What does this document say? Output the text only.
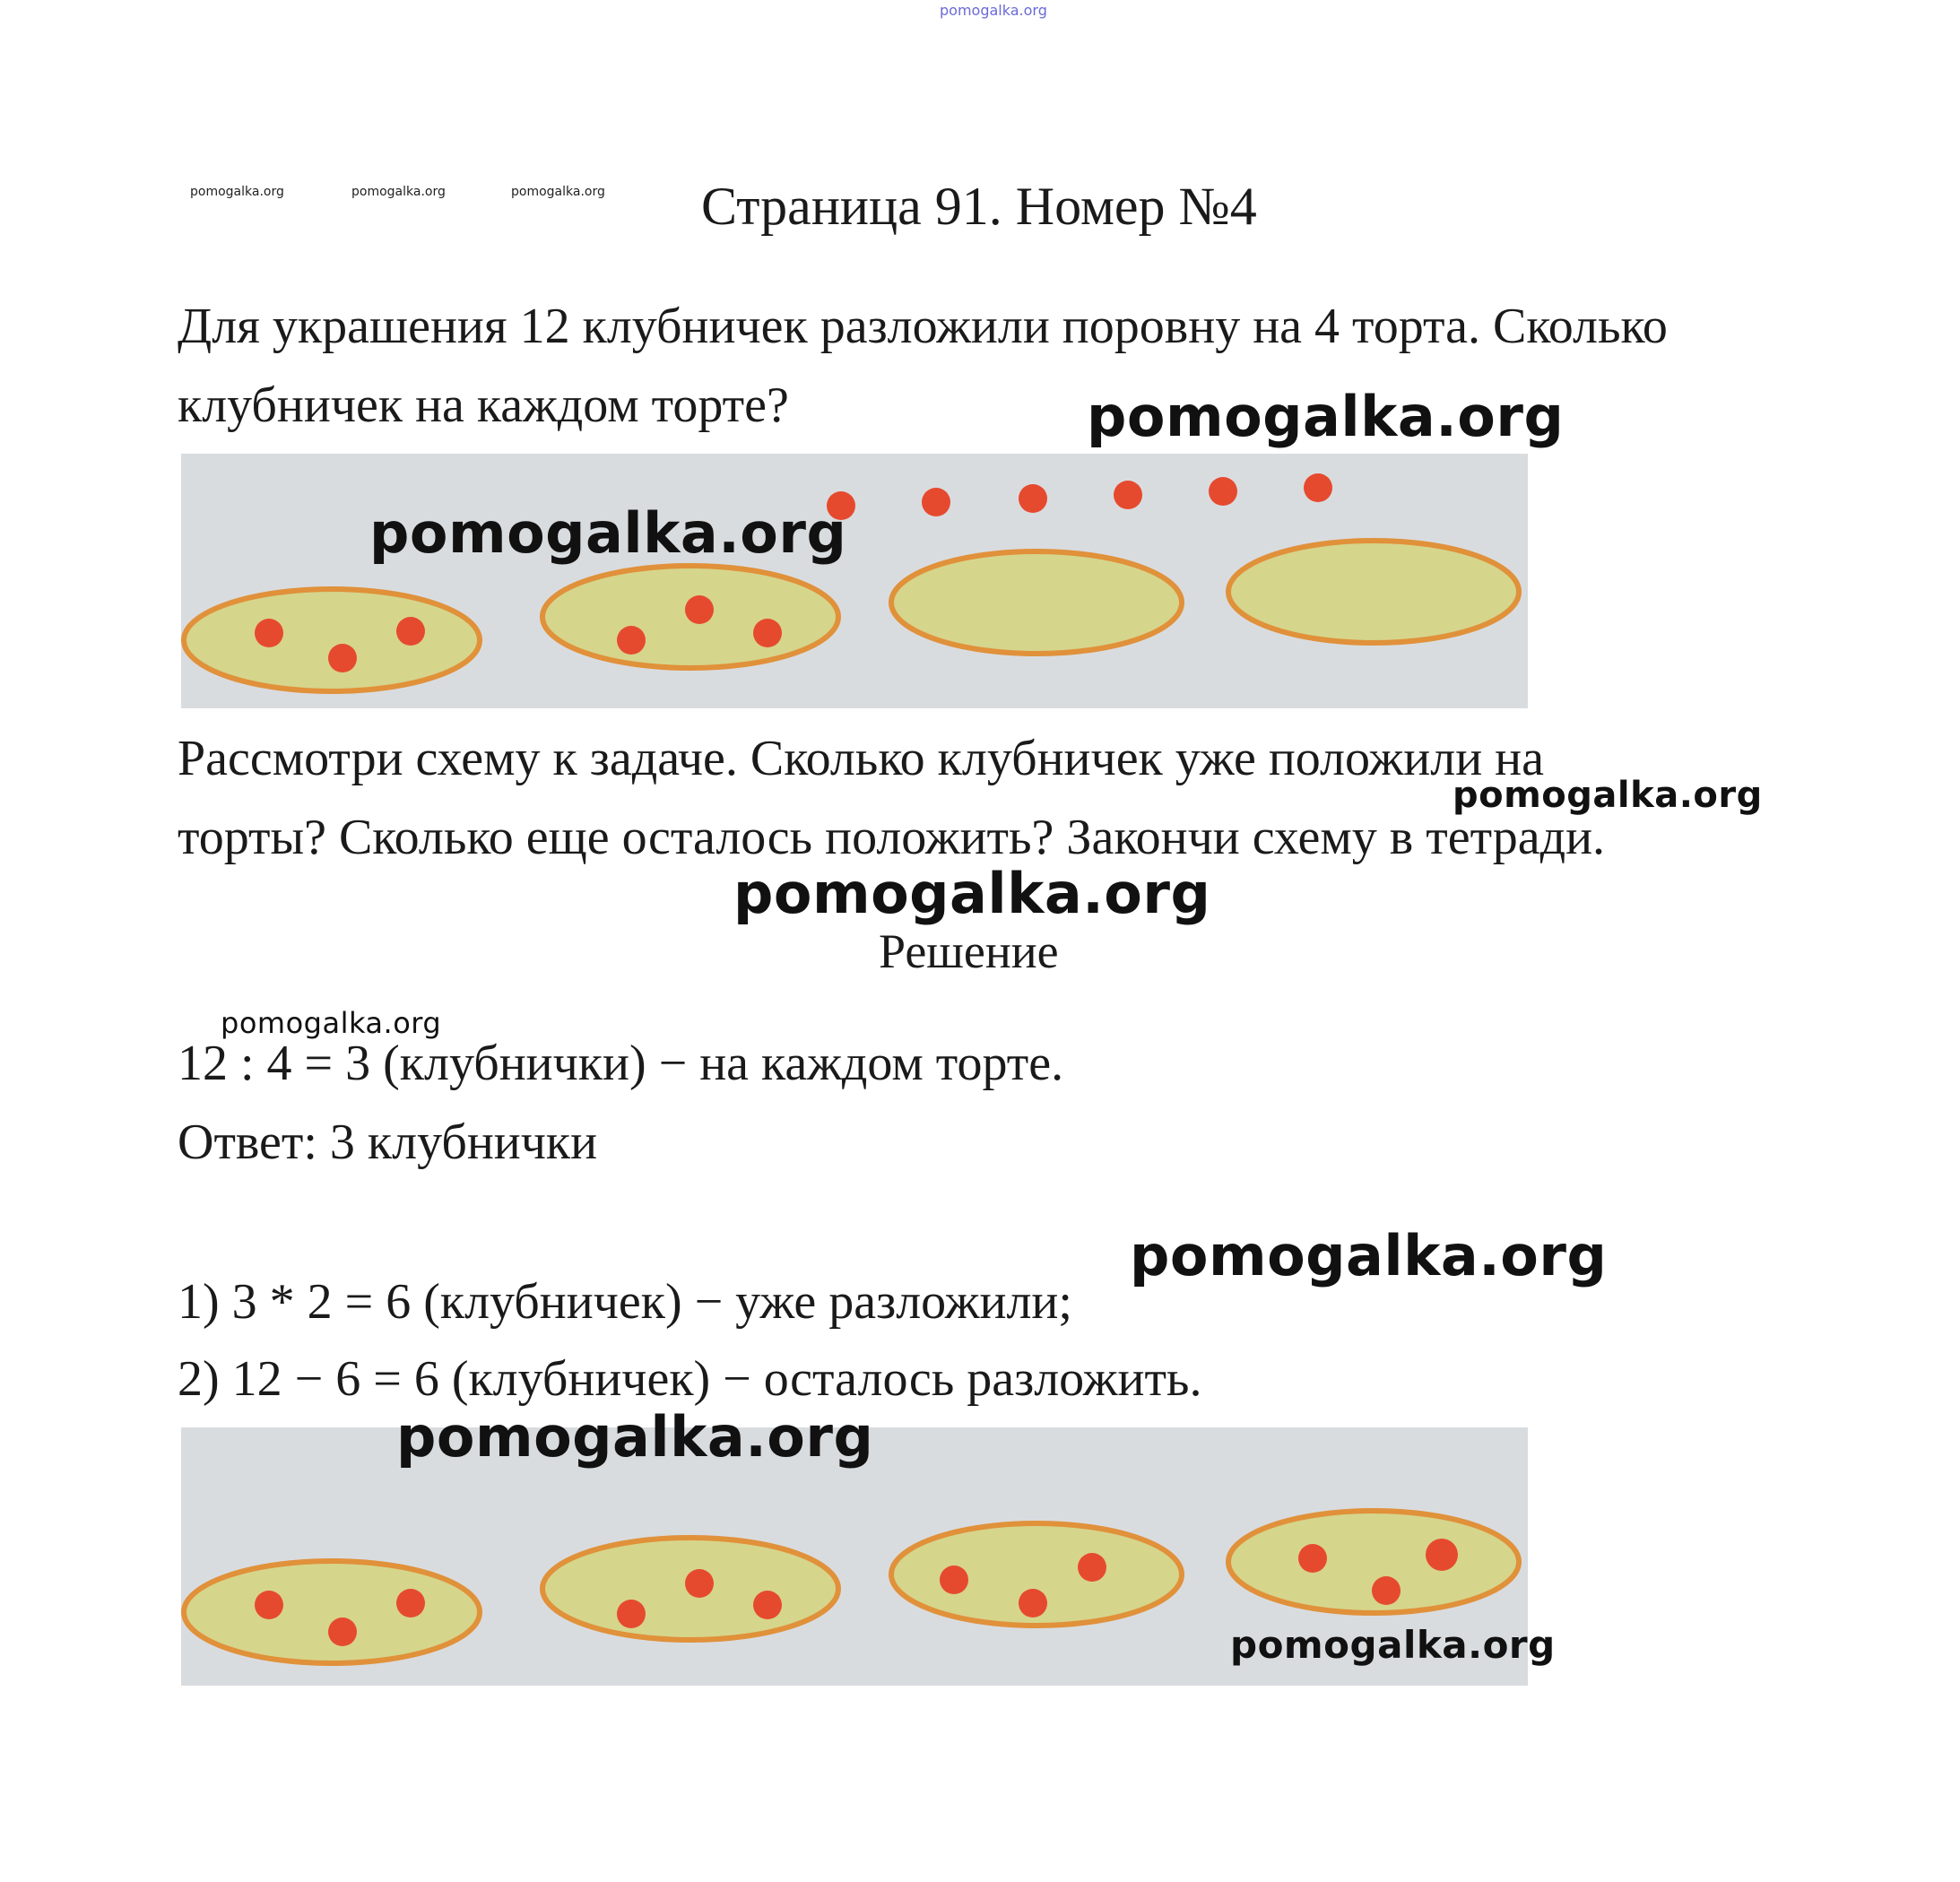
pomogalka.org
pomogalka.org	pomogalka.org	pomogalka.org Страница 91. Номер №4
Для украшения 12 клубничек разложили поровну на 4 торта. Сколько
клубничек на каждом торте?	pomogalka.org
pomogalka.org
Рассмотри схему к задаче. Сколько клубничек уже положили на
pomogalka.org
торты? Сколько еще осталось положить? Закончи схему в тетради.
pomogalka.org
Решение
pomogalka.org
12 : 4 = 3 (клубнички) − на каждом торте.
Ответ: 3 клубнички
pomogalka.org
1) 3 * 2 = 6 (клубничек) − уже разложили;
2) 12 − 6 = 6 (клубничек) − осталось разложить.
pomogalka.org
pomogalka.org
